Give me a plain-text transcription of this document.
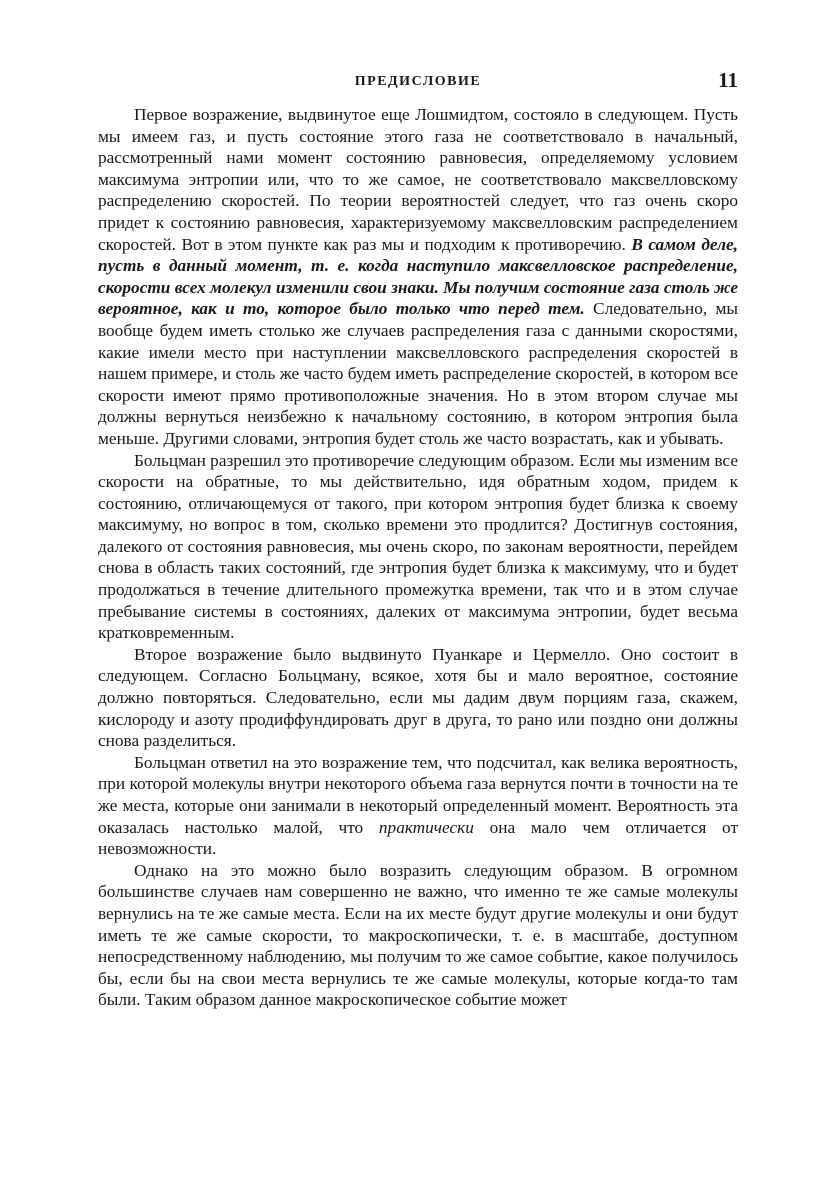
ПРЕДИСЛОВИЕ	11

Первое возражение, выдвинутое еще Лошмидтом, состояло в следующем. Пусть мы имеем газ, и пусть состояние этого газа не соответствовало в начальный, рассмотренный нами момент состоянию равновесия, определяемому условием максимума энтропии или, что то же самое, не соответствовало максвелловскому распределению скоростей. По теории вероятностей следует, что газ очень скоро придет к состоянию равновесия, характеризуемому максвелловским распределением скоростей. Вот в этом пункте как раз мы и подходим к противоречию. В самом деле, пусть в данный момент, т. е. когда наступило максвелловское распределение, скорости всех молекул изменили свои знаки. Мы получим состояние газа столь же вероятное, как и то, которое было только что перед тем. Следовательно, мы вообще будем иметь столько же случаев распределения газа с данными скоростями, какие имели место при наступлении максвелловского распределения скоростей в нашем примере, и столь же часто будем иметь распределение скоростей, в котором все скорости имеют прямо противоположные значения. Но в этом втором случае мы должны вернуться неизбежно к начальному состоянию, в котором энтропия была меньше. Другими словами, энтропия будет столь же часто возрастать, как и убывать.

Больцман разрешил это противоречие следующим образом. Если мы изменим все скорости на обратные, то мы действительно, идя обратным ходом, придем к состоянию, отличающемуся от такого, при котором энтропия будет близка к своему максимуму, но вопрос в том, сколько времени это продлится? Достигнув состояния, далекого от состояния равновесия, мы очень скоро, по законам вероятности, перейдем снова в область таких состояний, где энтропия будет близка к максимуму, что и будет продолжаться в течение длительного промежутка времени, так что и в этом случае пребывание системы в состояниях, далеких от максимума энтропии, будет весьма кратковременным.

Второе возражение было выдвинуто Пуанкаре и Цермелло. Оно состоит в следующем. Согласно Больцману, всякое, хотя бы и мало вероятное, состояние должно повторяться. Следовательно, если мы дадим двум порциям газа, скажем, кислороду и азоту продиффундировать друг в друга, то рано или поздно они должны снова разделиться.

Больцман ответил на это возражение тем, что подсчитал, как велика вероятность, при которой молекулы внутри некоторого объема газа вернутся почти в точности на те же места, которые они занимали в некоторый определенный момент. Вероятность эта оказалась настолько малой, что практически она мало чем отличается от невозможности.

Однако на это можно было возразить следующим образом. В огромном большинстве случаев нам совершенно не важно, что именно те же самые молекулы вернулись на те же самые места. Если на их месте будут другие молекулы и они будут иметь те же самые скорости, то макроскопически, т. е. в масштабе, доступном непосредственному наблюдению, мы получим то же самое событие, какое получилось бы, если бы на свои места вернулись те же самые молекулы, которые когда-то там были. Таким образом данное макроскопическое событие может
